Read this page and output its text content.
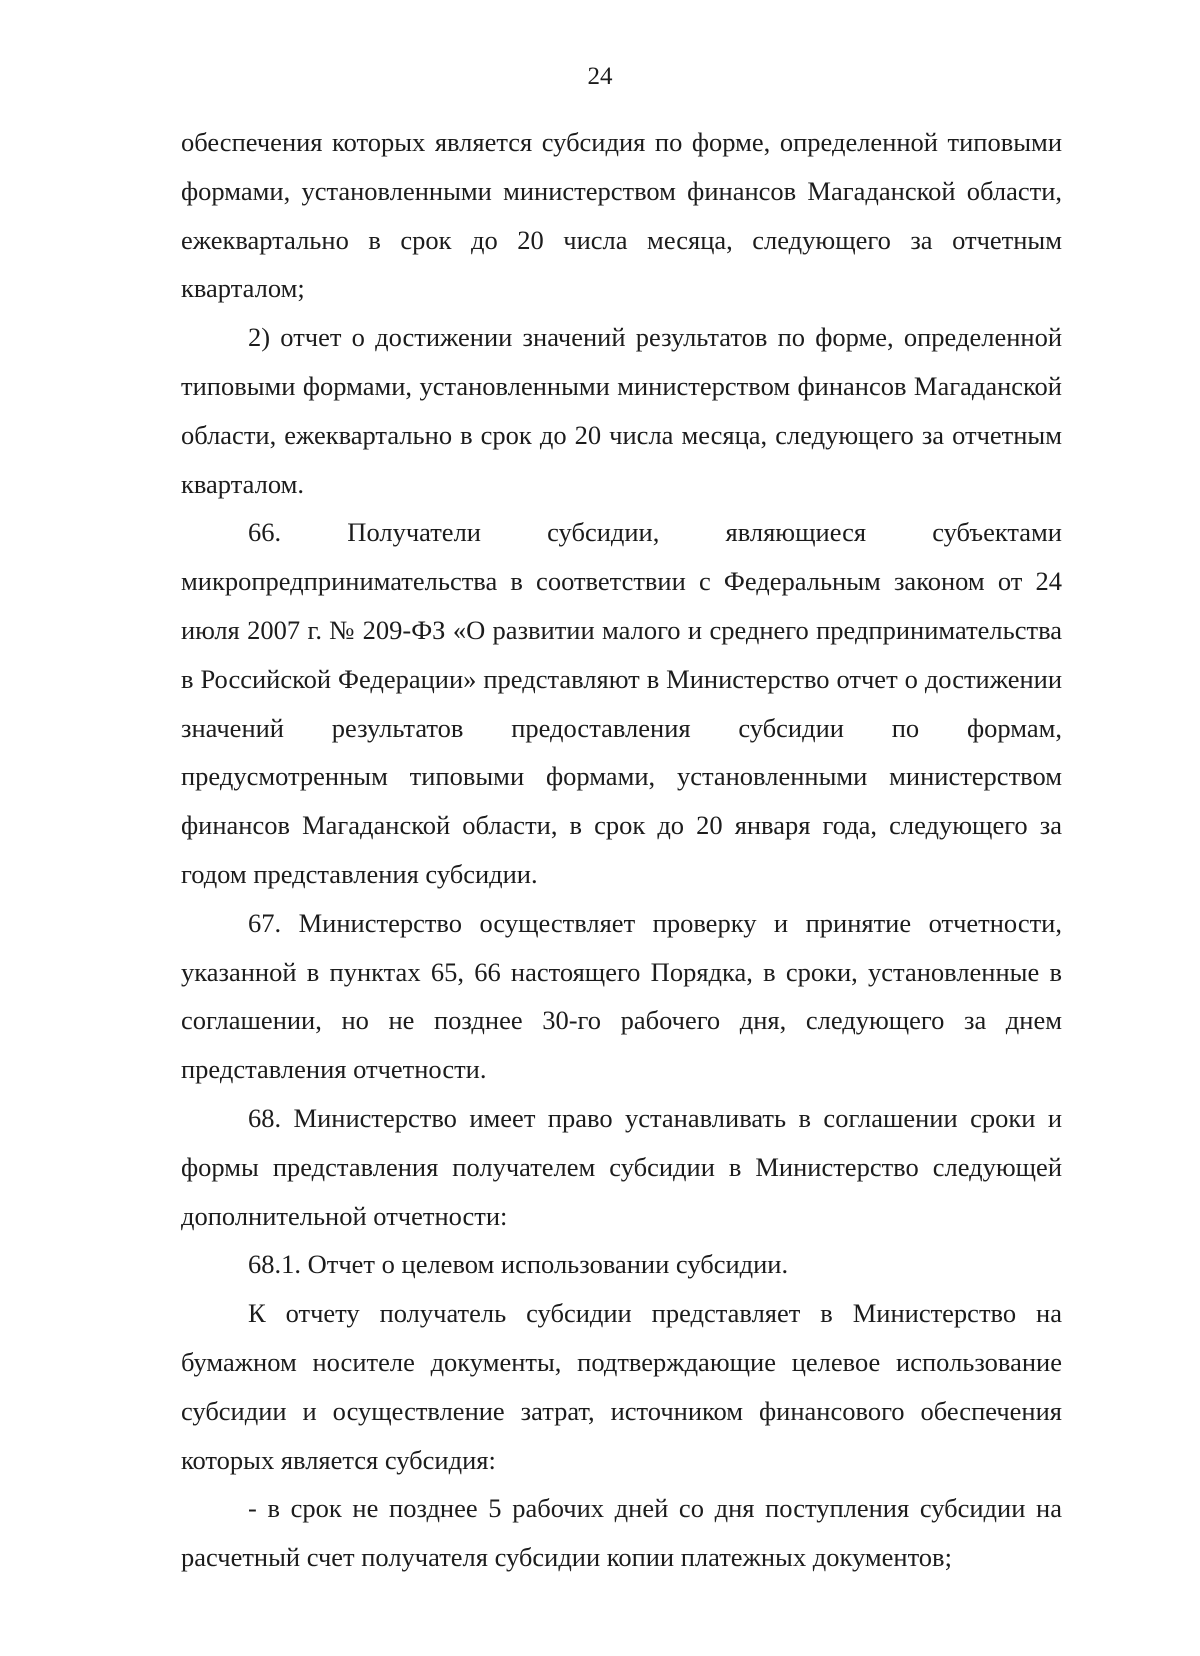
24

обеспечения которых является субсидия по форме, определенной типовыми формами, установленными министерством финансов Магаданской области, ежеквартально в срок до 20 числа месяца, следующего за отчетным кварталом;

2) отчет о достижении значений результатов по форме, определенной типовыми формами, установленными министерством финансов Магаданской области, ежеквартально в срок до 20 числа месяца, следующего за отчетным кварталом.

66. Получатели субсидии, являющиеся субъектами микропредпринимательства в соответствии с Федеральным законом от 24 июля 2007 г. № 209-ФЗ «О развитии малого и среднего предпринимательства в Российской Федерации» представляют в Министерство отчет о достижении значений результатов предоставления субсидии по формам, предусмотренным типовыми формами, установленными министерством финансов Магаданской области, в срок до 20 января года, следующего за годом представления субсидии.

67. Министерство осуществляет проверку и принятие отчетности, указанной в пунктах 65, 66 настоящего Порядка, в сроки, установленные в соглашении, но не позднее 30-го рабочего дня, следующего за днем представления отчетности.

68. Министерство имеет право устанавливать в соглашении сроки и формы представления получателем субсидии в Министерство следующей дополнительной отчетности:

68.1. Отчет о целевом использовании субсидии.

К отчету получатель субсидии представляет в Министерство на бумажном носителе документы, подтверждающие целевое использование субсидии и осуществление затрат, источником финансового обеспечения которых является субсидия:

- в срок не позднее 5 рабочих дней со дня поступления субсидии на расчетный счет получателя субсидии копии платежных документов;
